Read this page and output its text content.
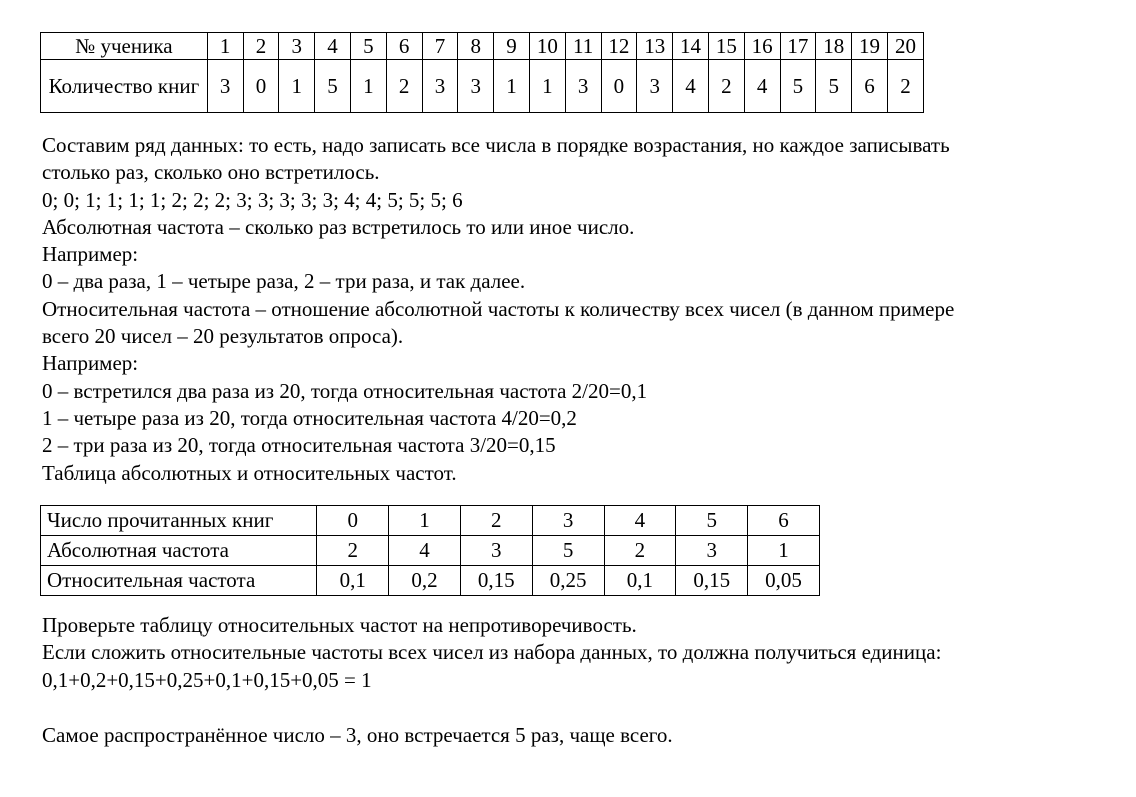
№ ученика	1	2	3	4	5	6	7	8	9	10	11	12	13	14	15	16	17	18	19	20
Количество книг	3	0	1	5	1	2	3	3	1	1	3	0	3	4	2	4	5	5	6	2
Составим ряд данных: то есть, надо записать все числа в порядке возрастания, но каждое записывать
столько раз, сколько оно встретилось.
0; 0; 1; 1; 1; 1; 2; 2; 2; 3; 3; 3; 3; 3; 4; 4; 5; 5; 5; 6
Абсолютная частота – сколько раз встретилось то или иное число.
Например:
0 – два раза, 1 – четыре раза, 2 – три раза, и так далее.
Относительная частота – отношение абсолютной частоты к количеству всех чисел (в данном примере
всего 20 чисел – 20 результатов опроса).
Например:
0 – встретился два раза из 20, тогда относительная частота 2/20=0,1
1 – четыре раза из 20, тогда относительная частота 4/20=0,2
2 – три раза из 20, тогда относительная частота 3/20=0,15
Таблица абсолютных и относительных частот.
Число прочитанных книг	0	1	2	3	4	5	6
Абсолютная частота	2	4	3	5	2	3	1
Относительная частота	0,1	0,2	0,15	0,25	0,1	0,15	0,05
Проверьте таблицу относительных частот на непротиворечивость.
Если сложить относительные частоты всех чисел из набора данных, то должна получиться единица:
0,1+0,2+0,15+0,25+0,1+0,15+0,05 = 1
Самое распространённое число – 3, оно встречается 5 раз, чаще всего.
